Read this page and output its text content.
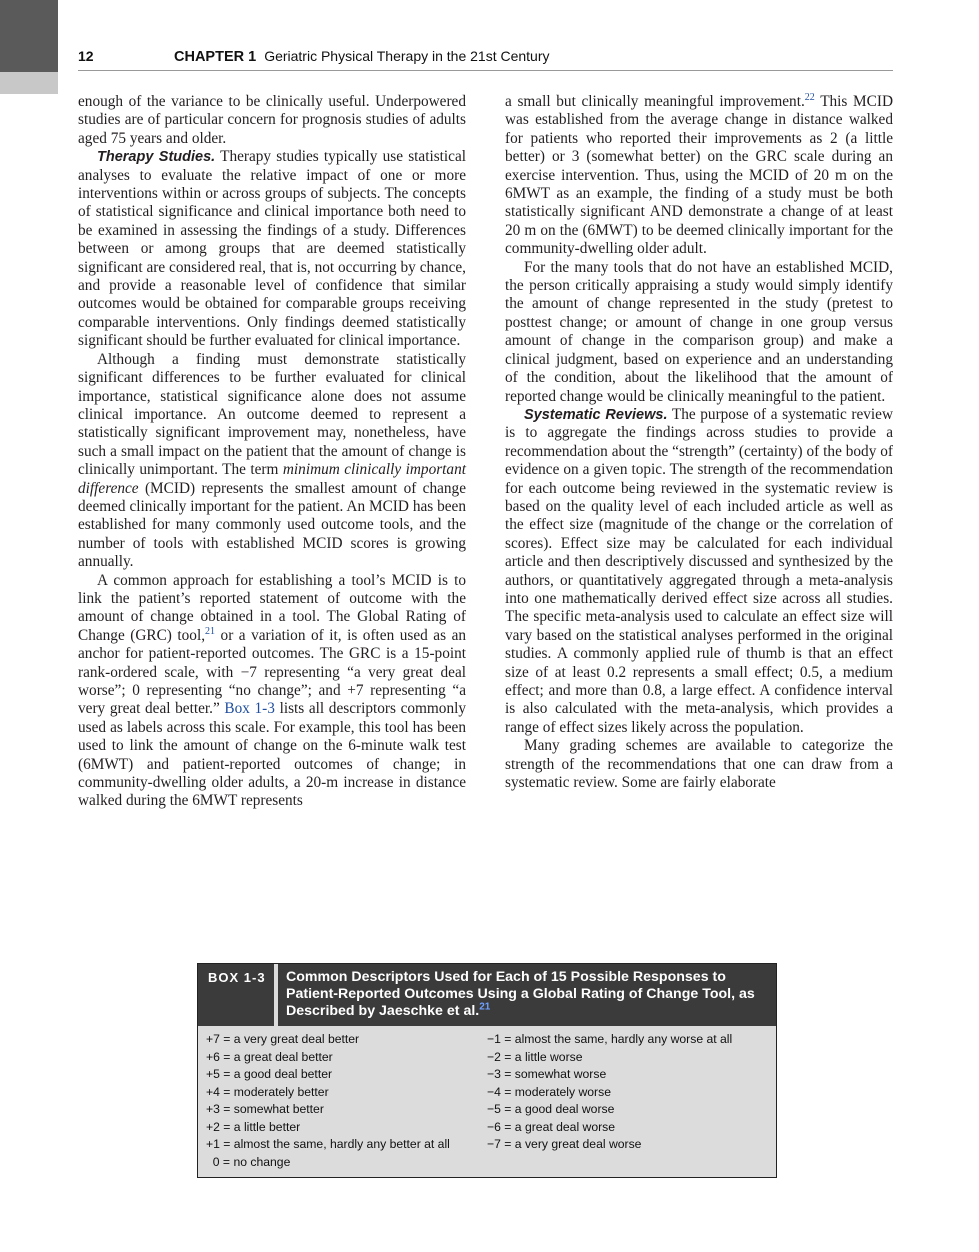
12	CHAPTER 1 Geriatric Physical Therapy in the 21st Century

enough of the variance to be clinically useful. Underpowered studies are of particular concern for prognosis studies of adults aged 75 years and older.

Therapy Studies. Therapy studies typically use statistical analyses to evaluate the relative impact of one or more interventions within or across groups of subjects. The concepts of statistical significance and clinical importance both need to be examined in assessing the findings of a study. Differences between or among groups that are deemed statistically significant are considered real, that is, not occurring by chance, and provide a reasonable level of confidence that similar outcomes would be obtained for comparable groups receiving comparable interventions. Only findings deemed statistically significant should be further evaluated for clinical importance.

Although a finding must demonstrate statistically significant differences to be further evaluated for clinical importance, statistical significance alone does not assume clinical importance. An outcome deemed to represent a statistically significant improvement may, nonetheless, have such a small impact on the patient that the amount of change is clinically unimportant. The term minimum clinically important difference (MCID) represents the smallest amount of change deemed clinically important for the patient. An MCID has been established for many commonly used outcome tools, and the number of tools with established MCID scores is growing annually.

A common approach for establishing a tool’s MCID is to link the patient’s reported statement of outcome with the amount of change obtained in a tool. The Global Rating of Change (GRC) tool,$^{21}$ or a variation of it, is often used as an anchor for patient-reported outcomes. The GRC is a 15-point rank-ordered scale, with −7 representing “a very great deal worse”; 0 representing “no change”; and +7 representing “a very great deal better.” Box 1-3 lists all descriptors commonly used as labels across this scale. For example, this tool has been used to link the amount of change on the 6-minute walk test (6MWT) and patient-reported outcomes of change; in community-dwelling older adults, a 20-m increase in distance walked during the 6MWT represents

a small but clinically meaningful improvement.$^{22}$ This MCID was established from the average change in distance walked for patients who reported their improvements as 2 (a little better) or 3 (somewhat better) on the GRC scale during an exercise intervention. Thus, using the MCID of 20 m on the 6MWT as an example, the finding of a study must be both statistically significant AND demonstrate a change of at least 20 m on the (6MWT) to be deemed clinically important for the community-dwelling older adult.

For the many tools that do not have an established MCID, the person critically appraising a study would simply identify the amount of change represented in the study (pretest to posttest change; or amount of change in one group versus amount of change in the comparison group) and make a clinical judgment, based on experience and an understanding of the condition, about the likelihood that the amount of reported change would be clinically meaningful to the patient.

Systematic Reviews. The purpose of a systematic review is to aggregate the findings across studies to provide a recommendation about the “strength” (certainty) of the body of evidence on a given topic. The strength of the recommendation for each outcome being reviewed in the systematic review is based on the quality level of each included article as well as the effect size (magnitude of the change or the correlation of scores). Effect size may be calculated for each individual article and then descriptively discussed and synthesized by the authors, or quantitatively aggregated through a meta-analysis into one mathematically derived effect size across all studies. The specific meta-analysis used to calculate an effect size will vary based on the statistical analyses performed in the original studies. A commonly applied rule of thumb is that an effect size of at least 0.2 represents a small effect; 0.5, a medium effect; and more than 0.8, a large effect. A confidence interval is also calculated with the meta-analysis, which provides a range of effect sizes likely across the population.

Many grading schemes are available to categorize the strength of the recommendations that one can draw from a systematic review. Some are fairly elaborate

BOX 1-3	Common Descriptors Used for Each of 15 Possible Responses to Patient-Reported Outcomes Using a Global Rating of Change Tool, as Described by Jaeschke et al.$^{21}$
+7 = a very great deal better
+6 = a great deal better
+5 = a good deal better
+4 = moderately better
+3 = somewhat better
+2 = a little better
+1 = almost the same, hardly any better at all
0 = no change
−1 = almost the same, hardly any worse at all
−2 = a little worse
−3 = somewhat worse
−4 = moderately worse
−5 = a good deal worse
−6 = a great deal worse
−7 = a very great deal worse
